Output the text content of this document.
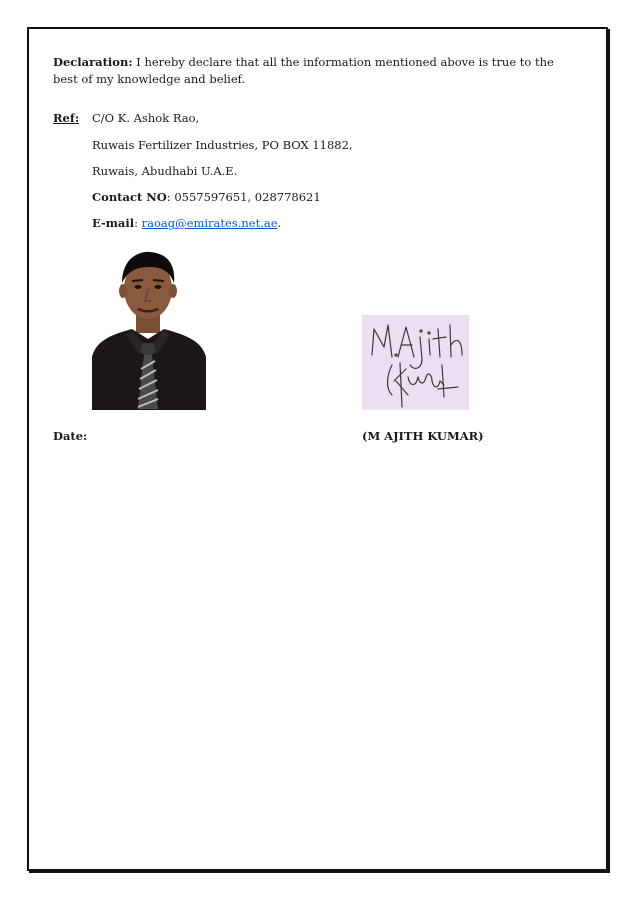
Declaration: I hereby declare that all the information mentioned above is true to the best of my knowledge and belief.
Ref: C/O K. Ashok Rao,
Ruwais Fertilizer Industries, PO BOX 11882,
Ruwais, Abudhabi U.A.E.
Contact NO: 0557597651, 028778621
E-mail: raoag@emirates.net.ae.
Date:	(M AJITH KUMAR)
